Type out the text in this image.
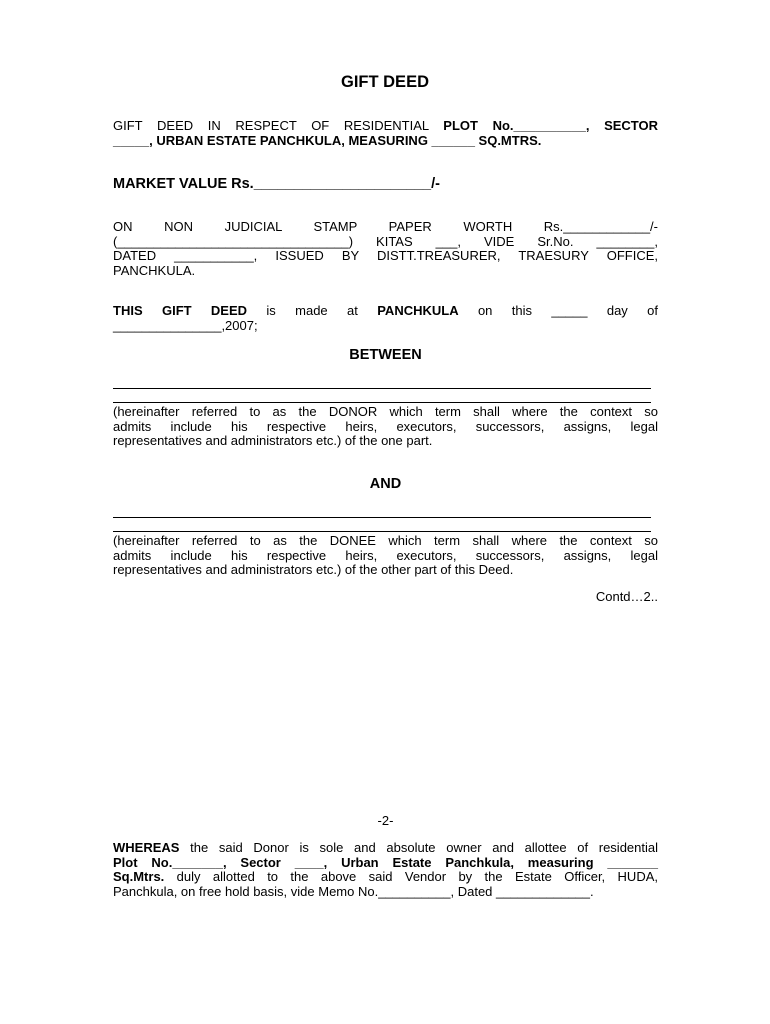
GIFT DEED
GIFT DEED IN RESPECT OF RESIDENTIAL PLOT No.__________, SECTOR
_____, URBAN ESTATE PANCHKULA, MEASURING ______ SQ.MTRS.
MARKET VALUE Rs.______________________/-
ON NON JUDICIAL STAMP PAPER WORTH Rs.____________/-
(________________________________) KITAS ___, VIDE Sr.No. ________,
DATED ___________, ISSUED BY DISTT.TREASURER, TRAESURY OFFICE,
PANCHKULA.
THIS GIFT DEED is made at PANCHKULA on this _____ day of
_______________,2007;
BETWEEN
(hereinafter referred to as the DONOR which term shall where the context so
admits include his respective heirs, executors, successors, assigns, legal
representatives and administrators etc.) of the one part.
AND
(hereinafter referred to as the DONEE which term shall where the context so
admits include his respective heirs, executors, successors, assigns, legal
representatives and administrators etc.) of the other part of this Deed.
Contd…2..
-2-
WHEREAS the said Donor is sole and absolute owner and allottee of residential
Plot No._______, Sector ____, Urban Estate Panchkula, measuring _______
Sq.Mtrs. duly allotted to the above said Vendor by the Estate Officer, HUDA,
Panchkula, on free hold basis, vide Memo No.__________, Dated _____________.
